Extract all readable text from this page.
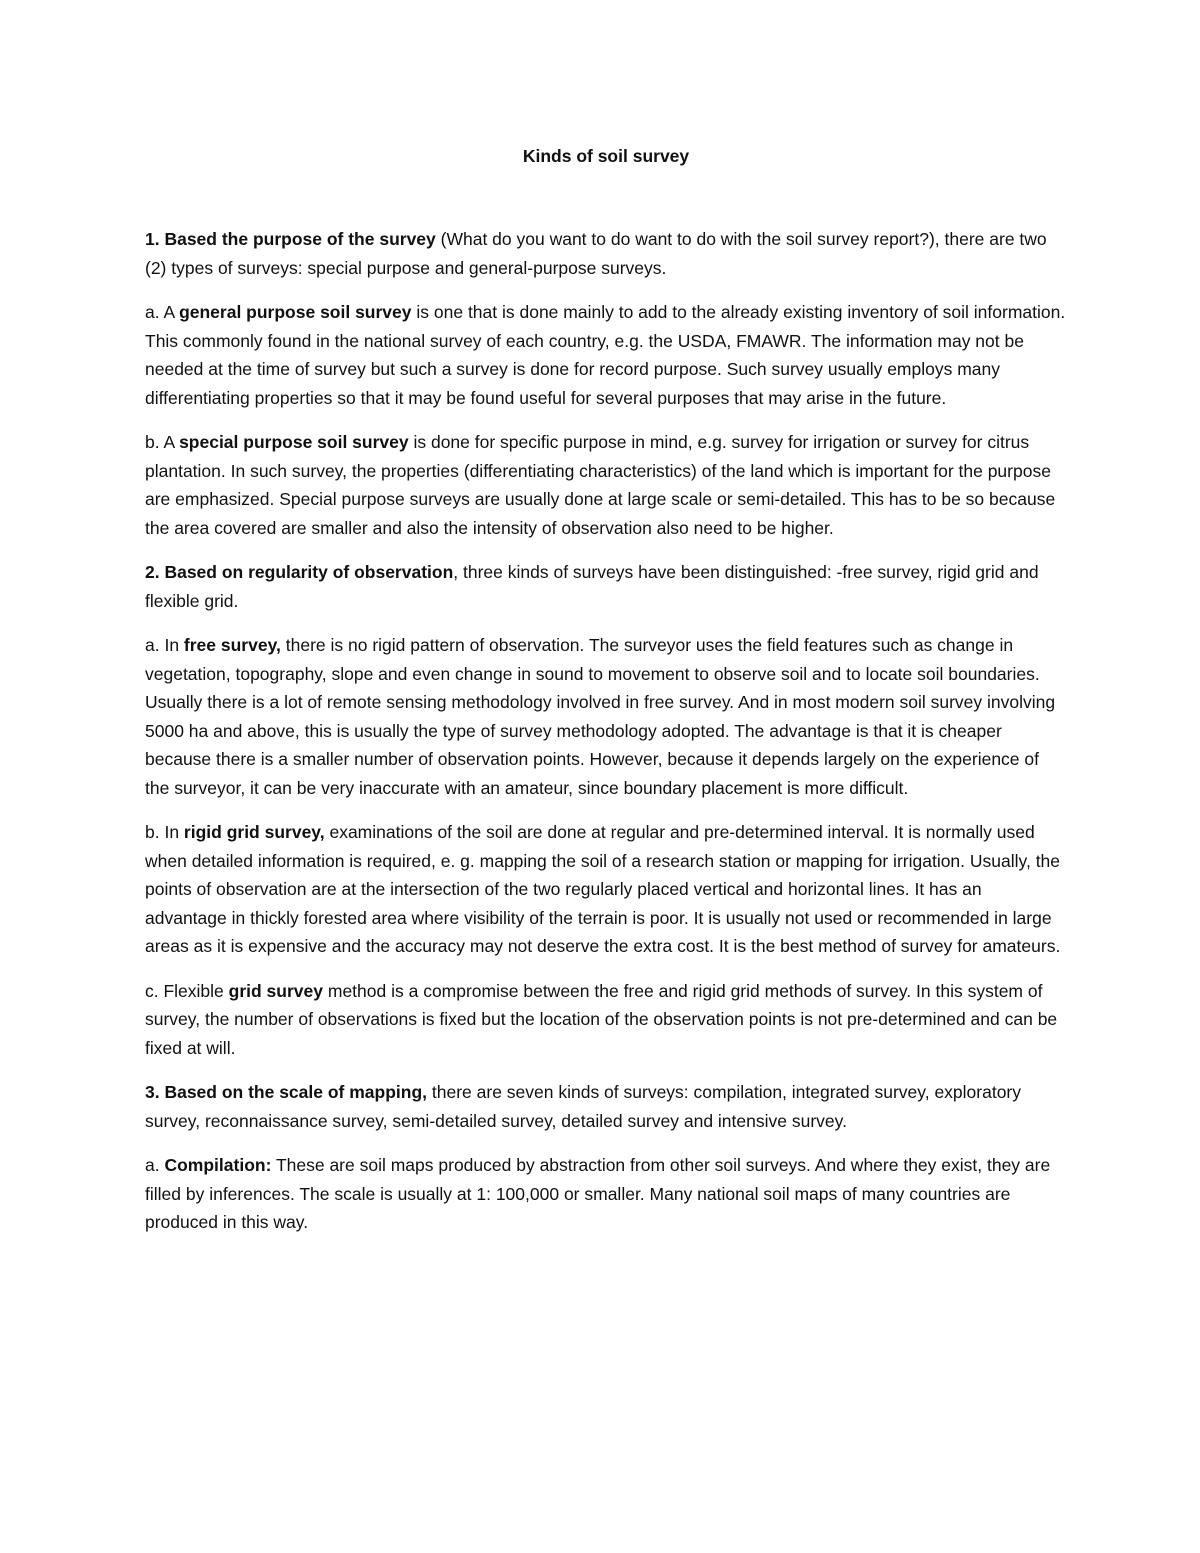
Kinds of soil survey

1. Based the purpose of the survey (What do you want to do want to do with the soil survey report?), there are two (2) types of surveys: special purpose and general-purpose surveys.

a. A general purpose soil survey is one that is done mainly to add to the already existing inventory of soil information. This commonly found in the national survey of each country, e.g. the USDA, FMAWR. The information may not be needed at the time of survey but such a survey is done for record purpose. Such survey usually employs many differentiating properties so that it may be found useful for several purposes that may arise in the future.

b. A special purpose soil survey is done for specific purpose in mind, e.g. survey for irrigation or survey for citrus plantation. In such survey, the properties (differentiating characteristics) of the land which is important for the purpose are emphasized. Special purpose surveys are usually done at large scale or semi-detailed. This has to be so because the area covered are smaller and also the intensity of observation also need to be higher.

2. Based on regularity of observation, three kinds of surveys have been distinguished: -free survey, rigid grid and flexible grid.

a. In free survey, there is no rigid pattern of observation. The surveyor uses the field features such as change in vegetation, topography, slope and even change in sound to movement to observe soil and to locate soil boundaries. Usually there is a lot of remote sensing methodology involved in free survey. And in most modern soil survey involving 5000 ha and above, this is usually the type of survey methodology adopted. The advantage is that it is cheaper because there is a smaller number of observation points. However, because it depends largely on the experience of the surveyor, it can be very inaccurate with an amateur, since boundary placement is more difficult.

b. In rigid grid survey, examinations of the soil are done at regular and pre-determined interval. It is normally used when detailed information is required, e. g. mapping the soil of a research station or mapping for irrigation. Usually, the points of observation are at the intersection of the two regularly placed vertical and horizontal lines. It has an advantage in thickly forested area where visibility of the terrain is poor. It is usually not used or recommended in large areas as it is expensive and the accuracy may not deserve the extra cost. It is the best method of survey for amateurs.

c. Flexible grid survey method is a compromise between the free and rigid grid methods of survey. In this system of survey, the number of observations is fixed but the location of the observation points is not pre-determined and can be fixed at will.

3. Based on the scale of mapping, there are seven kinds of surveys: compilation, integrated survey, exploratory survey, reconnaissance survey, semi-detailed survey, detailed survey and intensive survey.

a. Compilation: These are soil maps produced by abstraction from other soil surveys. And where they exist, they are filled by inferences. The scale is usually at 1: 100,000 or smaller. Many national soil maps of many countries are produced in this way.
